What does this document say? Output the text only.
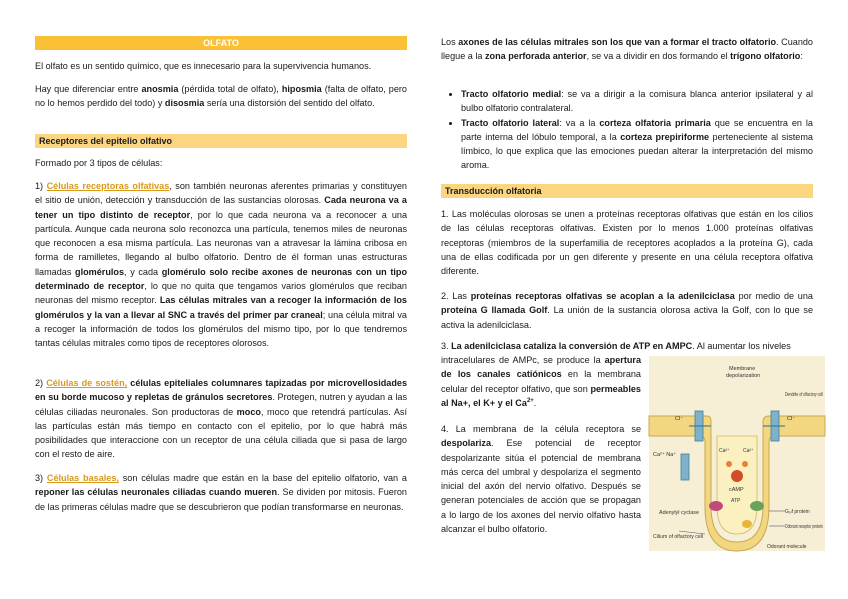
OLFATO

El olfato es un sentido químico, que es innecesario para la supervivencia humanos.

Hay que diferenciar entre anosmia (pérdida total de olfato), hiposmia (falta de olfato, pero no lo hemos perdido del todo) y disosmia sería una distorsión del sentido del olfato.

Receptores del epitelio olfativo

Formado por 3 tipos de células:

1) Células receptoras olfativas, son también neuronas aferentes primarias y constituyen el sitio de unión, detección y transducción de las sustancias olorosas. Cada neurona va a tener un tipo distinto de receptor, por lo que cada neurona va a reconocer a una partícula. Aunque cada neurona solo reconozca una partícula, tenemos miles de neuronas que reconocen a esa misma partícula. Las neuronas van a atravesar la lámina cribosa en forma de ramilletes, llegando al bulbo olfatorio. Dentro de él forman unas estructuras llamadas glomérulos, y cada glomérulo solo recibe axones de neuronas con un tipo determinado de receptor, lo que no quita que tengamos varios glomérulos que reciban neuronas del mismo receptor. Las células mitrales van a recoger la información de los glomérulos y la van a llevar al SNC a través del primer par craneal; una célula mitral va a recoger la información de todos los glomérulos del mismo tipo, por lo que tendremos tantas células mitrales como tipos de receptores olorosos.

2) Células de sostén, células epiteliales columnares tapizadas por microvellosidades en su borde mucoso y repletas de gránulos secretores. Protegen, nutren y ayudan a las células ciliadas neuronales. Son productoras de moco, moco que retendrá partículas. Así las partículas están más tiempo en contacto con el epitelio, por lo que habrá más posibilidades que interaccione con un receptor de una célula ciliada que si pasa de largo con el resto de aire.

3) Células basales, son células madre que están en la base del epitelio olfatorio, van a reponer las células neuronales ciliadas cuando mueren. Se dividen por mitosis. Fueron de las primeras células madre que se descubrieron que podían transformarse en neuronas.

Los axones de las células mitrales son los que van a formar el tracto olfatorio. Cuando llegue a la zona perforada anterior, se va a dividir en dos formando el trígono olfatorio:

• Tracto olfatorio medial: se va a dirigir a la comisura blanca anterior ipsilateral y al bulbo olfatorio contralateral.
• Tracto olfatorio lateral: va a la corteza olfatoria primaria que se encuentra en la parte interna del lóbulo temporal, a la corteza prepiriforme perteneciente al sistema límbico, lo que explica que las emociones puedan alterar la interpretación del mismo aroma.
Transducción olfatoria

1. Las moléculas olorosas se unen a proteínas receptoras olfativas que están en los cilios de las células receptoras olfativas. Existen por lo menos 1.000 proteínas olfativas receptoras (miembros de la superfamilia de receptores acoplados a la proteína G), cada una de ellas codificada por un gen diferente y presente en una célula receptora olfativa diferente.

2. Las proteínas receptoras olfativas se acoplan a la adenilciclasa por medio de una proteína G llamada Golf. La unión de la sustancia olorosa activa la Golf, con lo que se activa la adenilciclasa.

3. La adenilciclasa cataliza la conversión de ATP en AMPC. Al aumentar los niveles

intracelulares de AMPc, se produce la apertura de los canales catiónicos en la membrana celular del receptor olfativo, que son permeables al Na+, el K+ y el $Ca^{2+}$.

4. La membrana de la célula receptora se despolariza. Ese potencial de receptor despolarizante sitúa el potencial de membrana más cerca del umbral y despolariza el segmento inicial del axón del nervio olfativo. Después se generan potenciales de acción que se propagan a lo largo de los axones del nervio olfativo hasta alcanzar el bulbo olfatorio.

Membrane
depolarization
Cl⁻	Cl⁻
Ca²⁺ Na⁺
Ca²⁺	Ca²⁺
cAMP
ATP
Dendrite of olfactory cell
Gₒₗf protein
Adenylyl cyclase
Cilium of olfactory cell
Odorant receptor protein
Odorant molecule
